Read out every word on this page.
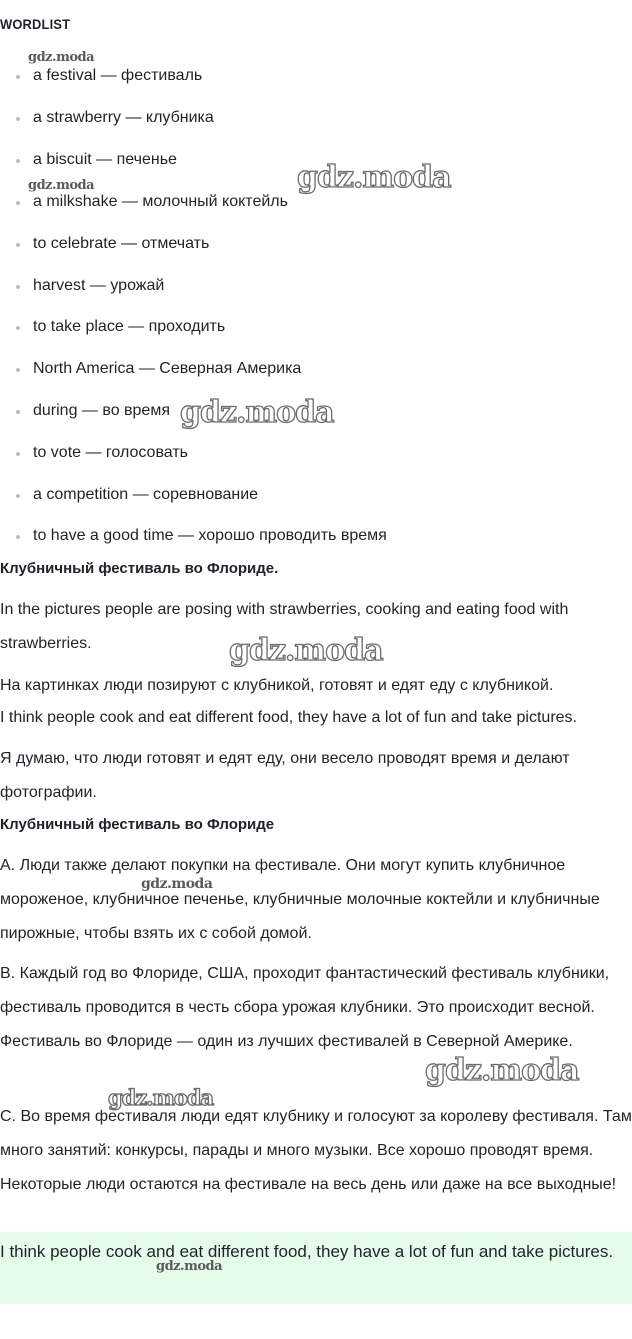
WORDLIST
a festival — фестиваль
a strawberry — клубника
a biscuit — печенье
a milkshake — молочный коктейль
to celebrate — отмечать
harvest — урожай
to take place — проходить
North America — Северная Америка
during — во время
to vote — голосовать
a competition — соревнование
to have a good time — хорошо проводить время
Клубничный фестиваль во Флориде.
In the pictures people are posing with strawberries, cooking and eating food with strawberries.
На картинках люди позируют с клубникой, готовят и едят еду с клубникой.
I think people cook and eat different food, they have a lot of fun and take pictures.
Я думаю, что люди готовят и едят еду, они весело проводят время и делают фотографии.
Клубничный фестиваль во Флориде
А. Люди также делают покупки на фестивале. Они могут купить клубничное мороженое, клубничное печенье, клубничные молочные коктейли и клубничные пирожные, чтобы взять их с собой домой.
В. Каждый год во Флориде, США, проходит фантастический фестиваль клубники, фестиваль проводится в честь сбора урожая клубники. Это происходит весной. Фестиваль во Флориде — один из лучших фестивалей в Северной Америке.
С. Во время фестиваля люди едят клубнику и голосуют за королеву фестиваля. Там много занятий: конкурсы, парады и много музыки. Все хорошо проводят время. Некоторые люди остаются на фестивале на весь день или даже на все выходные!
I think people cook and eat different food, they have a lot of fun and take pictures.
gdz.moda
gdz.moda	gdz.moda
gdz.moda
gdz.moda
gdz.moda
gdz.moda
gdz.moda
gdz.moda
